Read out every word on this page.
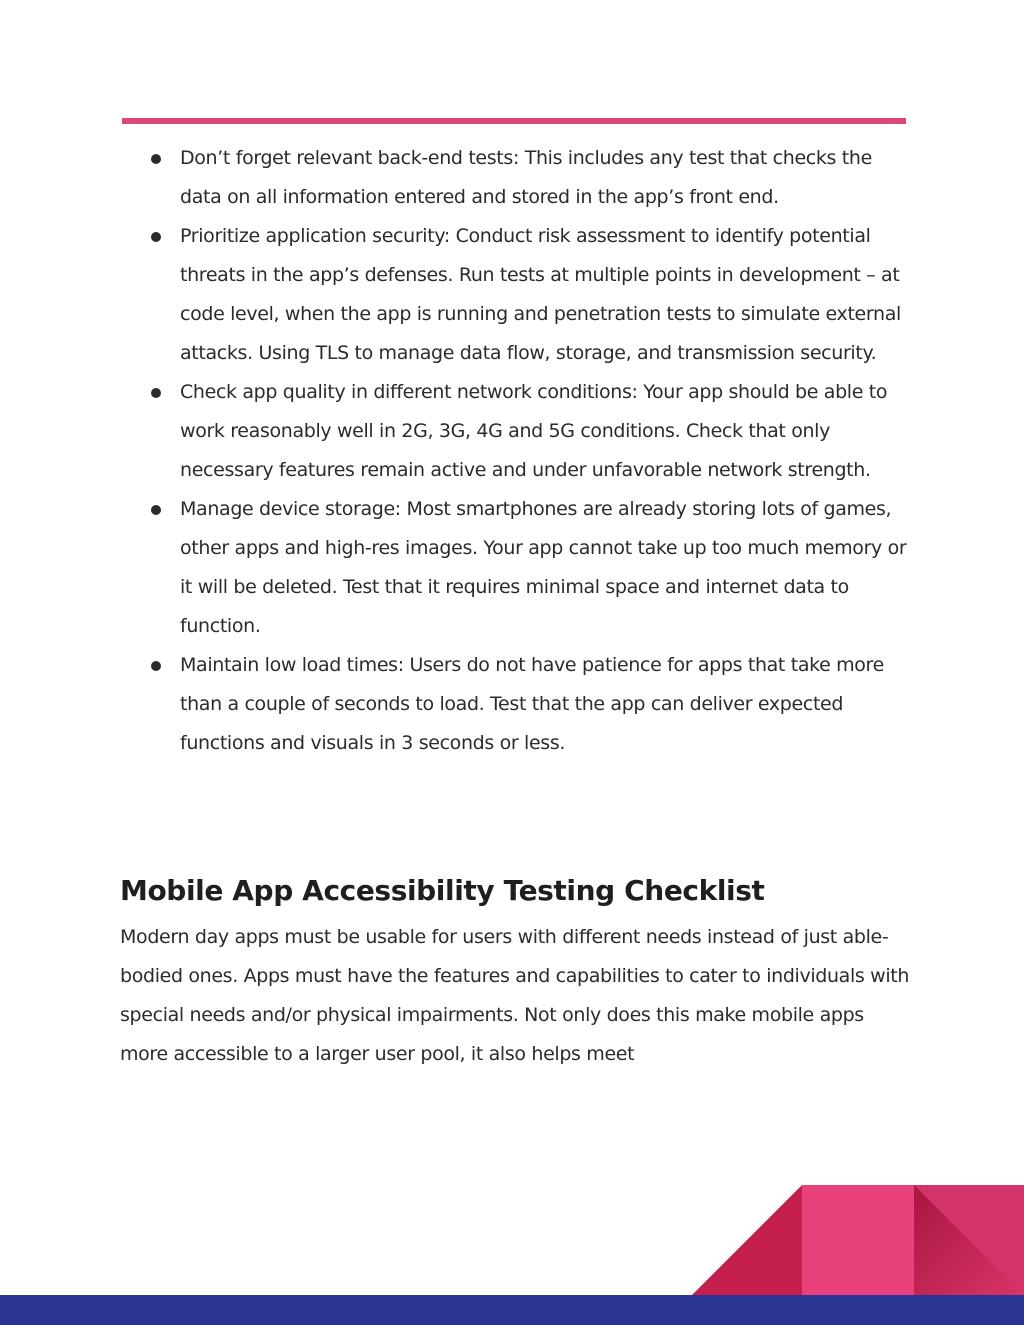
Don’t forget relevant back-end tests: This includes any test that checks the data on all information entered and stored in the app’s front end.
Prioritize application security: Conduct risk assessment to identify potential threats in the app’s defenses. Run tests at multiple points in development – at code level, when the app is running and penetration tests to simulate external attacks. Using TLS to manage data flow, storage, and transmission security.
Check app quality in different network conditions: Your app should be able to work reasonably well in 2G, 3G, 4G and 5G conditions. Check that only necessary features remain active and under unfavorable network strength.
Manage device storage: Most smartphones are already storing lots of games, other apps and high-res images. Your app cannot take up too much memory or it will be deleted. Test that it requires minimal space and internet data to function.
Maintain low load times: Users do not have patience for apps that take more than a couple of seconds to load. Test that the app can deliver expected functions and visuals in 3 seconds or less.
Mobile App Accessibility Testing Checklist

Modern day apps must be usable for users with different needs instead of just able-bodied ones. Apps must have the features and capabilities to cater to individuals with special needs and/or physical impairments. Not only does this make mobile apps more accessible to a larger user pool, it also helps meet
